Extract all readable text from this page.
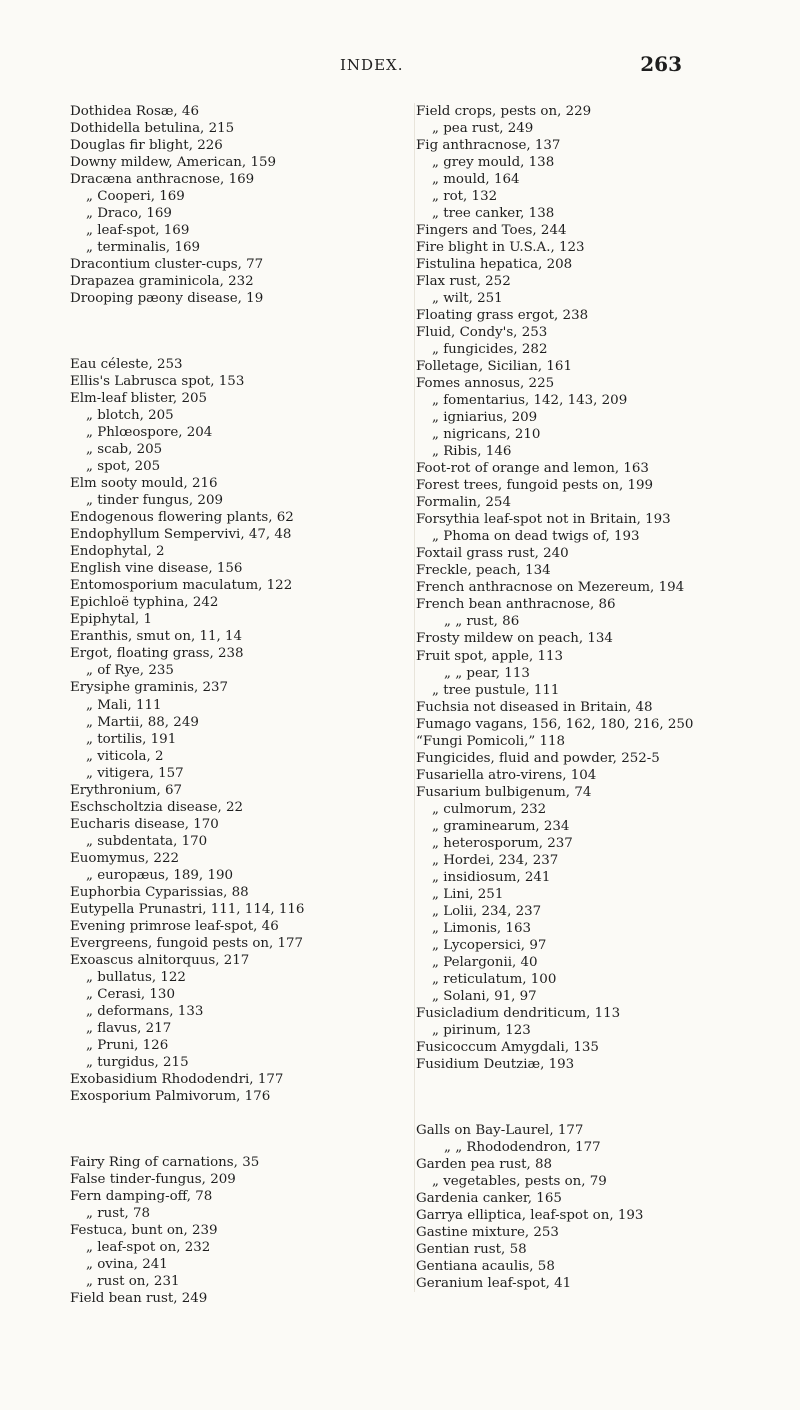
INDEX.	263
Dothidea Rosæ, 46
Dothidella betulina, 215
Douglas fir blight, 226
Downy mildew, American, 159
Dracæna anthracnose, 169
„ Cooperi, 169
„ Draco, 169
„ leaf-spot, 169
„ terminalis, 169
Dracontium cluster-cups, 77
Drapazea graminicola, 232
Drooping pæony disease, 19
Eau céleste, 253
Ellis's Labrusca spot, 153
Elm-leaf blister, 205
„ blotch, 205
„ Phlœospore, 204
„ scab, 205
„ spot, 205
Elm sooty mould, 216
„ tinder fungus, 209
Endogenous flowering plants, 62
Endophyllum Sempervivi, 47, 48
Endophytal, 2
English vine disease, 156
Entomosporium maculatum, 122
Epichloë typhina, 242
Epiphytal, 1
Eranthis, smut on, 11, 14
Ergot, floating grass, 238
„ of Rye, 235
Erysiphe graminis, 237
„ Mali, 111
„ Martii, 88, 249
„ tortilis, 191
„ viticola, 2
„ vitigera, 157
Erythronium, 67
Eschscholtzia disease, 22
Eucharis disease, 170
„ subdentata, 170
Euomymus, 222
„ europæus, 189, 190
Euphorbia Cyparissias, 88
Eutypella Prunastri, 111, 114, 116
Evening primrose leaf-spot, 46
Evergreens, fungoid pests on, 177
Exoascus alnitorquus, 217
„ bullatus, 122
„ Cerasi, 130
„ deformans, 133
„ flavus, 217
„ Pruni, 126
„ turgidus, 215
Exobasidium Rhododendri, 177
Exosporium Palmivorum, 176
Fairy Ring of carnations, 35
False tinder-fungus, 209
Fern damping-off, 78
„ rust, 78
Festuca, bunt on, 239
„ leaf-spot on, 232
„ ovina, 241
„ rust on, 231
Field bean rust, 249
Field crops, pests on, 229
„ pea rust, 249
Fig anthracnose, 137
„ grey mould, 138
„ mould, 164
„ rot, 132
„ tree canker, 138
Fingers and Toes, 244
Fire blight in U.S.A., 123
Fistulina hepatica, 208
Flax rust, 252
„ wilt, 251
Floating grass ergot, 238
Fluid, Condy's, 253
„ fungicides, 282
Folletage, Sicilian, 161
Fomes annosus, 225
„ fomentarius, 142, 143, 209
„ igniarius, 209
„ nigricans, 210
„ Ribis, 146
Foot-rot of orange and lemon, 163
Forest trees, fungoid pests on, 199
Formalin, 254
Forsythia leaf-spot not in Britain, 193
„ Phoma on dead twigs of, 193
Foxtail grass rust, 240
Freckle, peach, 134
French anthracnose on Mezereum, 194
French bean anthracnose, 86
„ „ rust, 86
Frosty mildew on peach, 134
Fruit spot, apple, 113
„ „ pear, 113
„ tree pustule, 111
Fuchsia not diseased in Britain, 48
Fumago vagans, 156, 162, 180, 216, 250
“Fungi Pomicoli,” 118
Fungicides, fluid and powder, 252-5
Fusariella atro-virens, 104
Fusarium bulbigenum, 74
„ culmorum, 232
„ graminearum, 234
„ heterosporum, 237
„ Hordei, 234, 237
„ insidiosum, 241
„ Lini, 251
„ Lolii, 234, 237
„ Limonis, 163
„ Lycopersici, 97
„ Pelargonii, 40
„ reticulatum, 100
„ Solani, 91, 97
Fusicladium dendriticum, 113
„ pirinum, 123
Fusicoccum Amygdali, 135
Fusidium Deutziæ, 193
Galls on Bay-Laurel, 177
„ „ Rhododendron, 177
Garden pea rust, 88
„ vegetables, pests on, 79
Gardenia canker, 165
Garrya elliptica, leaf-spot on, 193
Gastine mixture, 253
Gentian rust, 58
Gentiana acaulis, 58
Geranium leaf-spot, 41
